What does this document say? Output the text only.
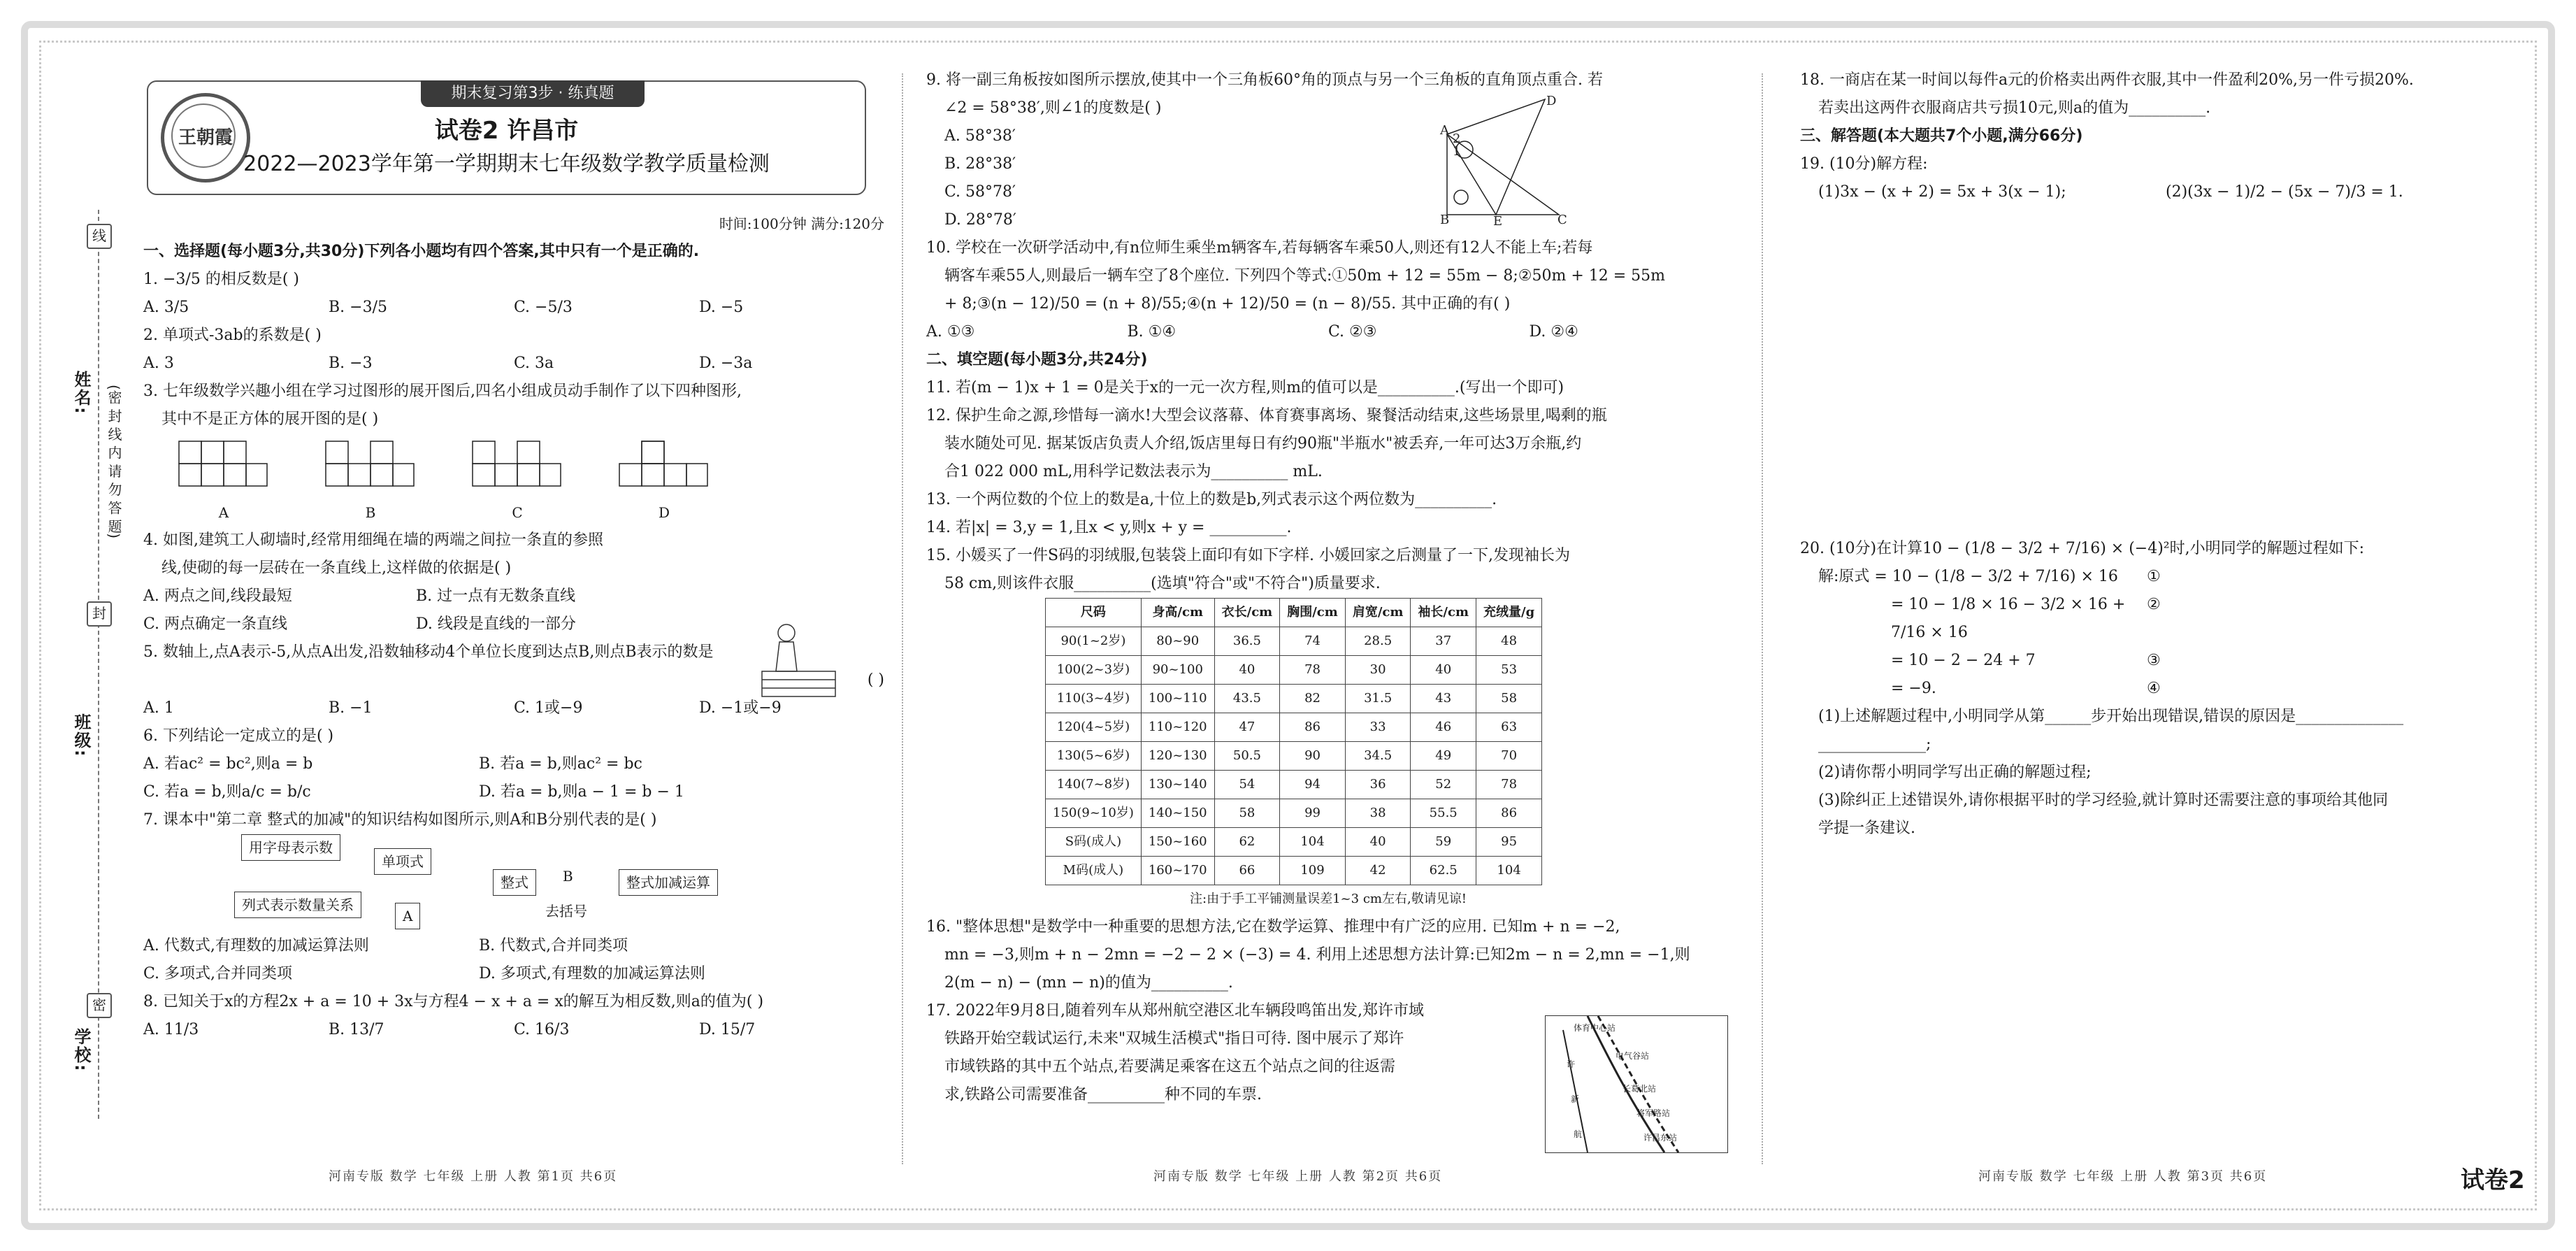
姓名:
班级:
学校:
(密 封 线 内 请 勿 答 题)
线
封
密
期末复习第3步 · 练真题
王朝霞	试卷2 许昌市
2022—2023学年第一学期期末七年级数学教学质量检测
时间:100分钟 满分:120分
一、选择题(每小题3分,共30分)下列各小题均有四个答案,其中只有一个是正确的.
1. −3/5 的相反数是( )
A. 3/5	B. −3/5	C. −5/3	D. −5
2. 单项式-3ab的系数是( )
A. 3	B. −3	C. 3a	D. −3a
3. 七年级数学兴趣小组在学习过图形的展开图后,四名小组成员动手制作了以下四种图形,
其中不是正方体的展开图的是( )
A	B	C	D
4. 如图,建筑工人砌墙时,经常用细绳在墙的两端之间拉一条直的参照
线,使砌的每一层砖在一条直线上,这样做的依据是( )
A. 两点之间,线段最短	B. 过一点有无数条直线
C. 两点确定一条直线	D. 线段是直线的一部分
5. 数轴上,点A表示-5,从点A出发,沿数轴移动4个单位长度到达点B,则点B表示的数是
( )
A. 1	B. −1	C. 1或−9	D. −1或−9
6. 下列结论一定成立的是( )
A. 若ac² = bc²,则a = b	B. 若a = b,则ac² = bc
C. 若a = b,则a/c = b/c	D. 若a = b,则a − 1 = b − 1
7. 课本中"第二章 整式的加减"的知识结构如图所示,则A和B分别代表的是( )
用字母表示数
单项式
整式	B	整式加减运算
列式表示数量关系
A	去括号
A. 代数式,有理数的加减运算法则	B. 代数式,合并同类项
C. 多项式,合并同类项	D. 多项式,有理数的加减运算法则
8. 已知关于x的方程2x + a = 10 + 3x与方程4 − x + a = x的解互为相反数,则a的值为( )
A. 11/3	B. 13/7	C. 16/3	D. 15/7
河南专版 数学 七年级 上册 人教 第1页 共6页
9. 将一副三角板按如图所示摆放,使其中一个三角板60°角的顶点与另一个三角板的直角顶点重合. 若
∠2 = 58°38′,则∠1的度数是( )
A. 58°38′
B. 28°38′
C. 58°78′
D. 28°78′
10. 学校在一次研学活动中,有n位师生乘坐m辆客车,若每辆客车乘50人,则还有12人不能上车;若每
辆客车乘55人,则最后一辆车空了8个座位. 下列四个等式:①50m + 12 = 55m − 8;②50m + 12 = 55m
+ 8;③(n − 12)/50 = (n + 8)/55;④(n + 12)/50 = (n − 8)/55. 其中正确的有( )
A. ①③	B. ①④	C. ②③	D. ②④
二、填空题(每小题3分,共24分)
11. 若(m − 1)x + 1 = 0是关于x的一元一次方程,则m的值可以是__________.(写出一个即可)
12. 保护生命之源,珍惜每一滴水!大型会议落幕、体育赛事离场、聚餐活动结束,这些场景里,喝剩的瓶
装水随处可见. 据某饭店负责人介绍,饭店里每日有约90瓶"半瓶水"被丢弃,一年可达3万余瓶,约
合1 022 000 mL,用科学记数法表示为__________ mL.
13. 一个两位数的个位上的数是a,十位上的数是b,列式表示这个两位数为__________.
14. 若|x| = 3,y = 1,且x < y,则x + y = __________.
15. 小媛买了一件S码的羽绒服,包装袋上面印有如下字样. 小媛回家之后测量了一下,发现袖长为
58 cm,则该件衣服__________(选填"符合"或"不符合")质量要求.
尺码	身高/cm	衣长/cm	胸围/cm	肩宽/cm	袖长/cm	充绒量/g
90(1~2岁)	80~90	36.5	74	28.5	37	48
100(2~3岁)	90~100	40	78	30	40	53
110(3~4岁)	100~110	43.5	82	31.5	43	58
120(4~5岁)	110~120	47	86	33	46	63
130(5~6岁)	120~130	50.5	90	34.5	49	70
140(7~8岁)	130~140	54	94	36	52	78
150(9~10岁)	140~150	58	99	38	55.5	86
S码(成人)	150~160	62	104	40	59	95
M码(成人)	160~170	66	109	42	62.5	104
注:由于手工平铺测量误差1~3 cm左右,敬请见谅!
16. "整体思想"是数学中一种重要的思想方法,它在数学运算、推理中有广泛的应用. 已知m + n = −2,
mn = −3,则m + n − 2mn = −2 − 2 × (−3) = 4. 利用上述思想方法计算:已知2m − n = 2,mn = −1,则
2(m − n) − (mn − n)的值为__________.
17. 2022年9月8日,随着列车从郑州航空港区北车辆段鸣笛出发,郑许市域
铁路开始空载试运行,未来"双城生活模式"指日可待. 图中展示了郑许
市域铁路的其中五个站点,若要满足乘客在这五个站点之间的往返需
求,铁路公司需要准备__________种不同的车票.
D
A
B	E	C
1
2
体育中心站
电气谷站
许
长葛北站
新
将军路站
航	许昌东站
河南专版 数学 七年级 上册 人教 第2页 共6页
18. 一商店在某一时间以每件a元的价格卖出两件衣服,其中一件盈利20%,另一件亏损20%.
若卖出这两件衣服商店共亏损10元,则a的值为__________.
三、解答题(本大题共7个小题,满分66分)
19. (10分)解方程:
(1)3x − (x + 2) = 5x + 3(x − 1);	(2)(3x − 1)/2 − (5x − 7)/3 = 1.
20. (10分)在计算10 − (1/8 − 3/2 + 7/16) × (−4)²时,小明同学的解题过程如下:
解:原式 = 10 − (1/8 − 3/2 + 7/16) × 16	①
= 10 − 1/8 × 16 − 3/2 × 16 + 7/16 × 16
②
= 10 − 2 − 24 + 7	③
= −9.	④
(1)上述解题过程中,小明同学从第______步开始出现错误,错误的原因是______________
______________;
(2)请你帮小明同学写出正确的解题过程;
(3)除纠正上述错误外,请你根据平时的学习经验,就计算时还需要注意的事项给其他同
学提一条建议.
河南专版 数学 七年级 上册 人教 第3页 共6页	试卷2
